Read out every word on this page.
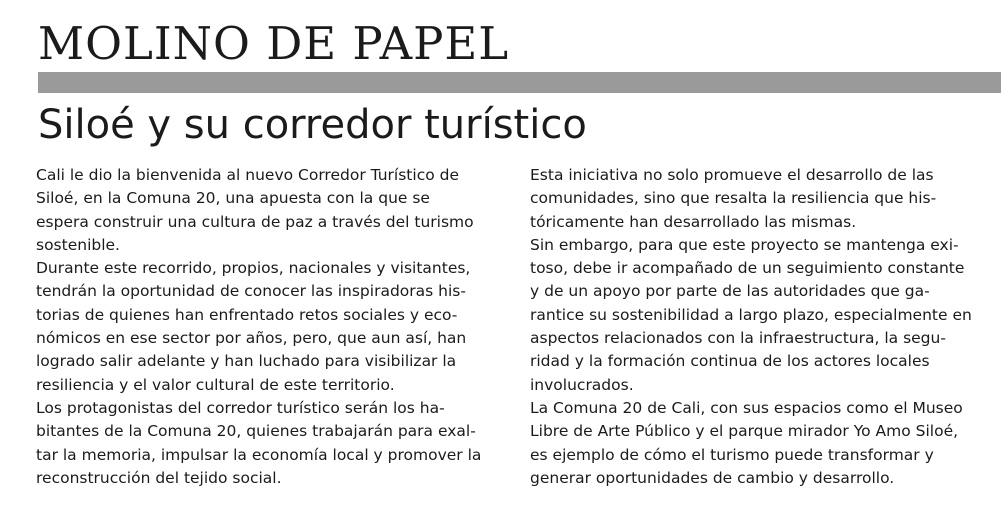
MOLINO DE PAPEL
Siloé y su corredor turístico
Cali le dio la bienvenida al nuevo Corredor Turístico de
Siloé, en la Comuna 20, una apuesta con la que se
espera construir una cultura de paz a través del turismo
sostenible.
Durante este recorrido, propios, nacionales y visitantes,
tendrán la oportunidad de conocer las inspiradoras his-
torias de quienes han enfrentado retos sociales y eco-
nómicos en ese sector por años, pero, que aun así, han
logrado salir adelante y han luchado para visibilizar la
resiliencia y el valor cultural de este territorio.
Los protagonistas del corredor turístico serán los ha-
bitantes de la Comuna 20, quienes trabajarán para exal-
tar la memoria, impulsar la economía local y promover la
reconstrucción del tejido social.
Esta iniciativa no solo promueve el desarrollo de las
comunidades, sino que resalta la resiliencia que his-
tóricamente han desarrollado las mismas.
Sin embargo, para que este proyecto se mantenga exi-
toso, debe ir acompañado de un seguimiento constante
y de un apoyo por parte de las autoridades que ga-
rantice su sostenibilidad a largo plazo, especialmente en
aspectos relacionados con la infraestructura, la segu-
ridad y la formación continua de los actores locales
involucrados.
La Comuna 20 de Cali, con sus espacios como el Museo
Libre de Arte Público y el parque mirador Yo Amo Siloé,
es ejemplo de cómo el turismo puede transformar y
generar oportunidades de cambio y desarrollo.
